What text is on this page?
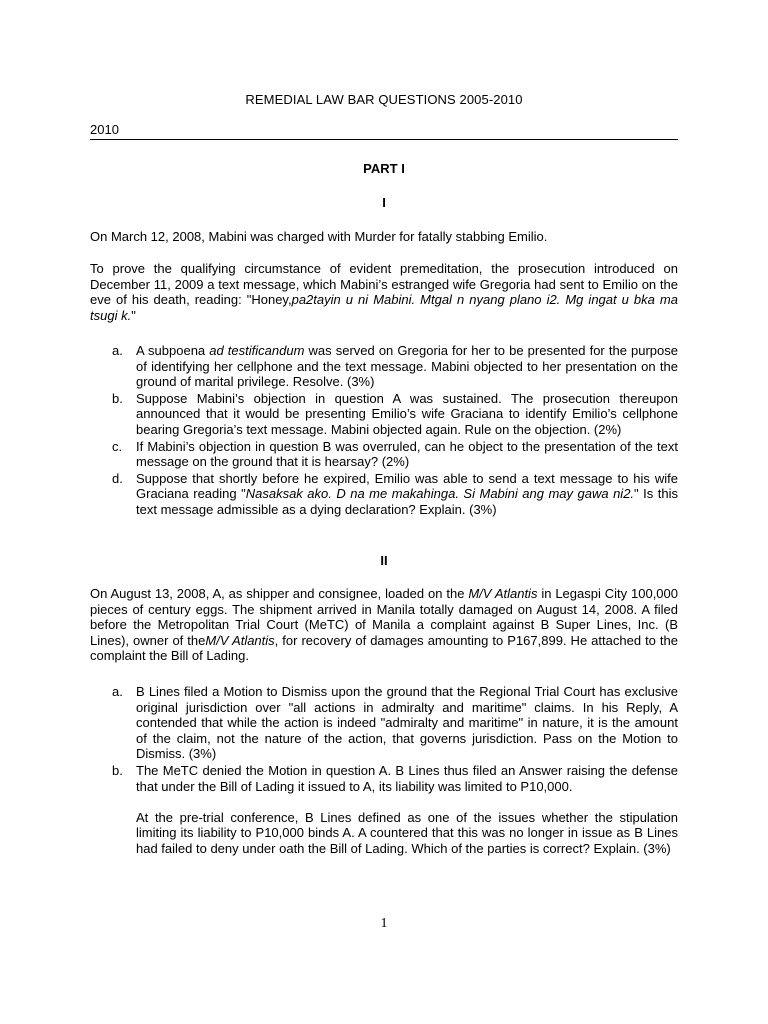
REMEDIAL LAW BAR QUESTIONS 2005-2010
2010
PART I
I

On March 12, 2008, Mabini was charged with Murder for fatally stabbing Emilio.

To prove the qualifying circumstance of evident premeditation, the prosecution introduced on December 11, 2009 a text message, which Mabini’s estranged wife Gregoria had sent to Emilio on the eve of his death, reading: "Honey,pa2tayin u ni Mabini. Mtgal n nyang plano i2. Mg ingat u bka ma tsugi k."

a. A subpoena ad testificandum was served on Gregoria for her to be presented for the purpose of identifying her cellphone and the text message. Mabini objected to her presentation on the ground of marital privilege. Resolve. (3%)
b. Suppose Mabini’s objection in question A was sustained. The prosecution thereupon announced that it would be presenting Emilio’s wife Graciana to identify Emilio’s cellphone bearing Gregoria’s text message. Mabini objected again. Rule on the objection. (2%)
c. If Mabini’s objection in question B was overruled, can he object to the presentation of the text message on the ground that it is hearsay? (2%)
d. Suppose that shortly before he expired, Emilio was able to send a text message to his wife Graciana reading "Nasaksak ako. D na me makahinga. Si Mabini ang may gawa ni2." Is this text message admissible as a dying declaration? Explain. (3%)
II

On August 13, 2008, A, as shipper and consignee, loaded on the M/V Atlantis in Legaspi City 100,000 pieces of century eggs. The shipment arrived in Manila totally damaged on August 14, 2008. A filed before the Metropolitan Trial Court (MeTC) of Manila a complaint against B Super Lines, Inc. (B Lines), owner of theM/V Atlantis, for recovery of damages amounting to P167,899. He attached to the complaint the Bill of Lading.

a. B Lines filed a Motion to Dismiss upon the ground that the Regional Trial Court has exclusive original jurisdiction over "all actions in admiralty and maritime" claims. In his Reply, A contended that while the action is indeed "admiralty and maritime" in nature, it is the amount of the claim, not the nature of the action, that governs jurisdiction. Pass on the Motion to Dismiss. (3%)
b. The MeTC denied the Motion in question A. B Lines thus filed an Answer raising the defense that under the Bill of Lading it issued to A, its liability was limited to P10,000.
At the pre-trial conference, B Lines defined as one of the issues whether the stipulation limiting its liability to P10,000 binds A. A countered that this was no longer in issue as B Lines had failed to deny under oath the Bill of Lading. Which of the parties is correct? Explain. (3%)
1
